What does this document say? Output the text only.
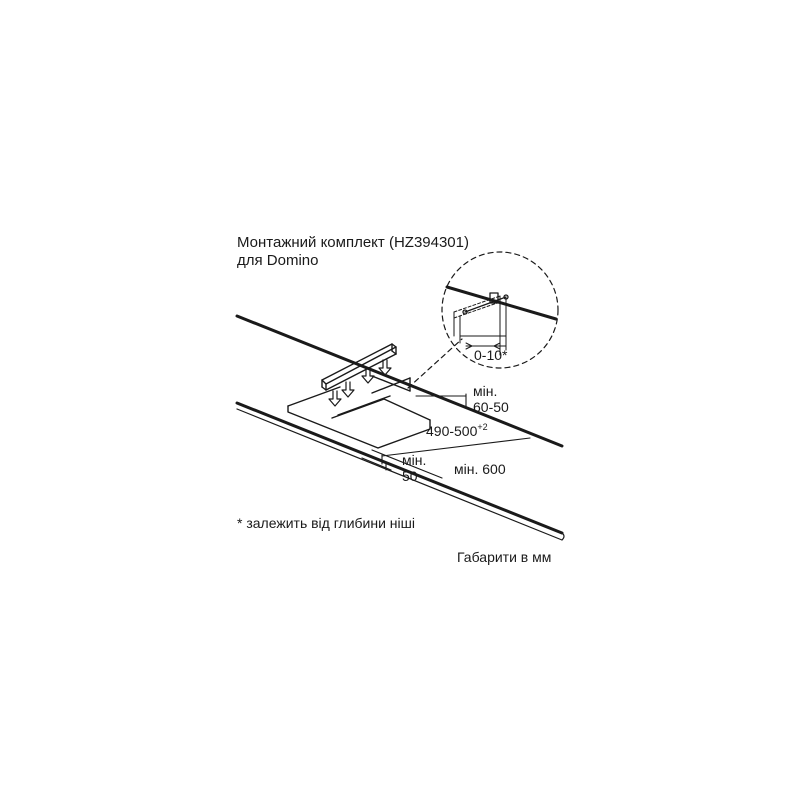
Монтажний комплект (HZ394301)
для Domino
0-10*
мін.
60-50
$490-500^{+2}$
мін.
50	мін. 600
* залежить від глибини ніші
Габарити в мм
